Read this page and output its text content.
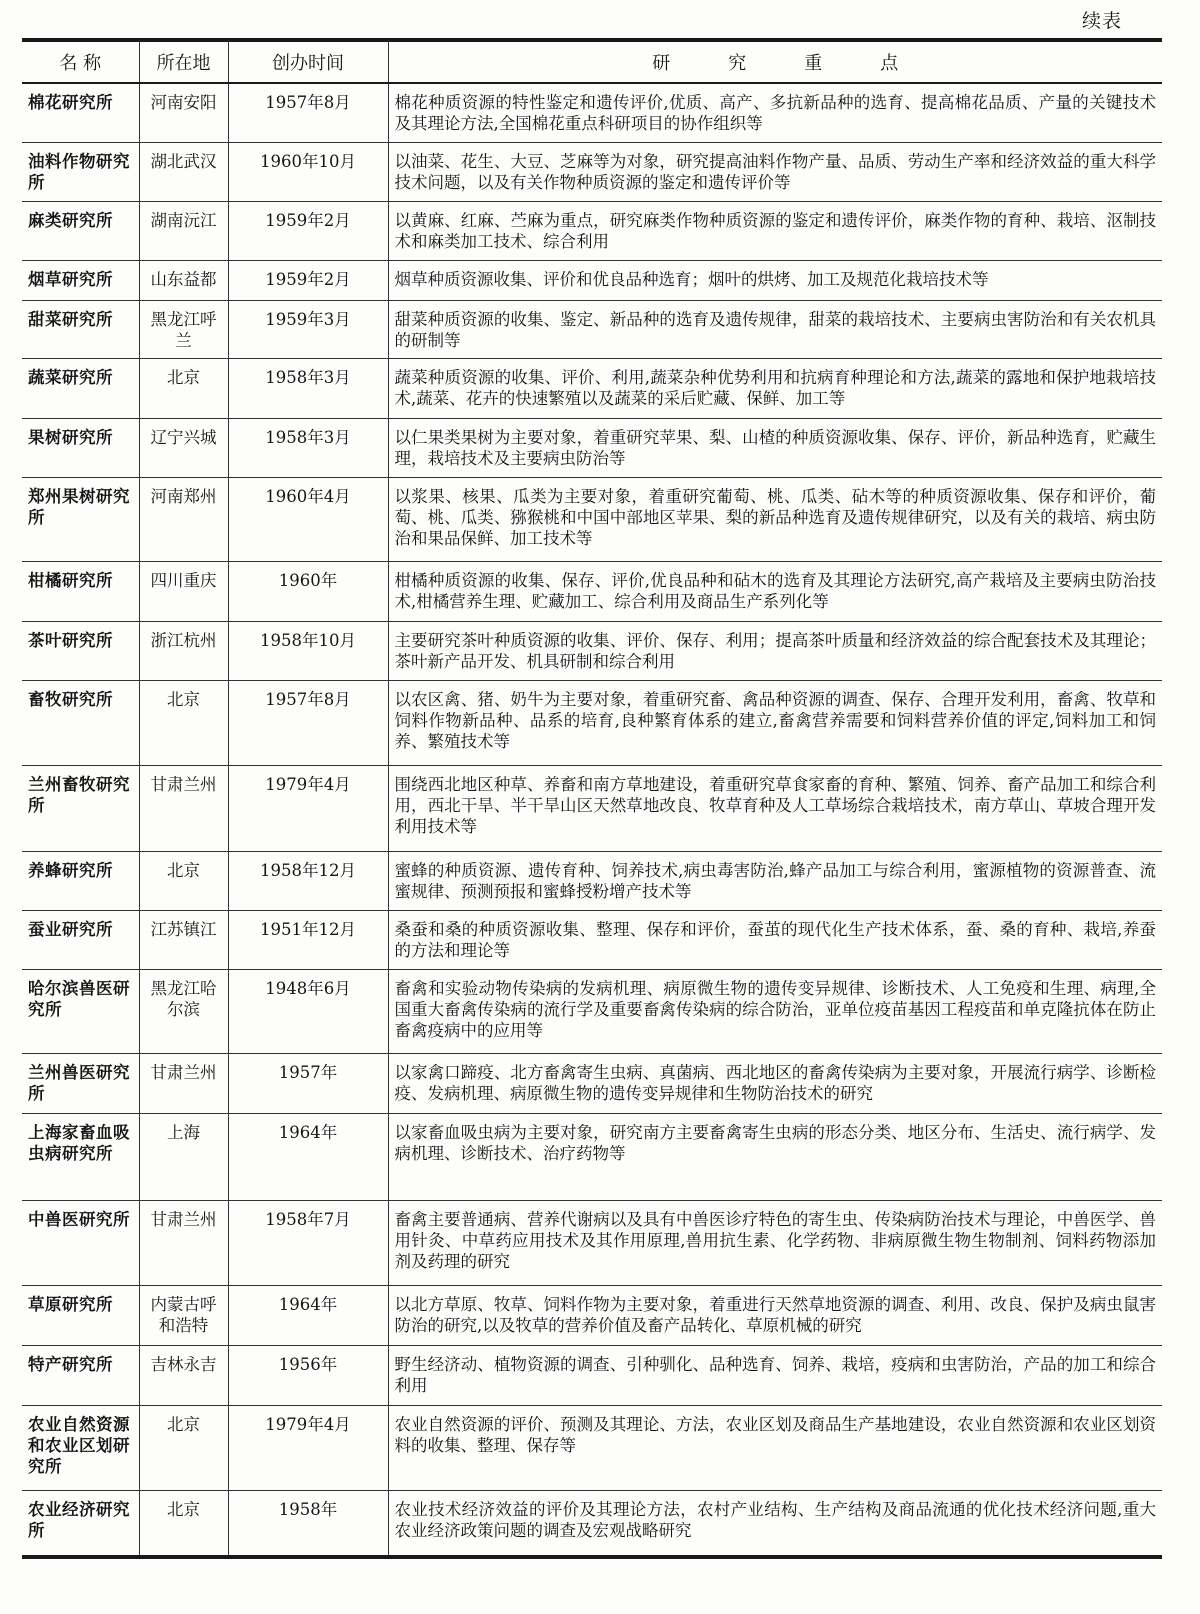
续表
名 称	所在地	创办时间	研究重点
棉花研究所	河南安阳	1957年8月	棉花种质资源的特性鉴定和遗传评价,优质、高产、多抗新品种的选育、提高棉花品质、产量的关键技术及其理论方法,全国棉花重点科研项目的协作组织等
油料作物研究所	湖北武汉	1960年10月	以油菜、花生、大豆、芝麻等为对象，研究提高油料作物产量、品质、劳动生产率和经济效益的重大科学技术问题，以及有关作物种质资源的鉴定和遗传评价等
麻类研究所	湖南沅江	1959年2月	以黄麻、红麻、苎麻为重点，研究麻类作物种质资源的鉴定和遗传评价，麻类作物的育种、栽培、沤制技术和麻类加工技术、综合利用
烟草研究所	山东益都	1959年2月	烟草种质资源收集、评价和优良品种选育；烟叶的烘烤、加工及规范化栽培技术等
甜菜研究所	黑龙江呼兰	1959年3月	甜菜种质资源的收集、鉴定、新品种的选育及遗传规律，甜菜的栽培技术、主要病虫害防治和有关农机具的研制等
蔬菜研究所	北京	1958年3月	蔬菜种质资源的收集、评价、利用,蔬菜杂种优势利用和抗病育种理论和方法,蔬菜的露地和保护地栽培技术,蔬菜、花卉的快速繁殖以及蔬菜的采后贮藏、保鲜、加工等
果树研究所	辽宁兴城	1958年3月	以仁果类果树为主要对象，着重研究苹果、梨、山楂的种质资源收集、保存、评价，新品种选育，贮藏生理，栽培技术及主要病虫防治等
郑州果树研究所	河南郑州	1960年4月	以浆果、核果、瓜类为主要对象，着重研究葡萄、桃、瓜类、砧木等的种质资源收集、保存和评价，葡萄、桃、瓜类、猕猴桃和中国中部地区苹果、梨的新品种选育及遗传规律研究，以及有关的栽培、病虫防治和果品保鲜、加工技术等
柑橘研究所	四川重庆	1960年	柑橘种质资源的收集、保存、评价,优良品种和砧木的选育及其理论方法研究,高产栽培及主要病虫防治技术,柑橘营养生理、贮藏加工、综合利用及商品生产系列化等
茶叶研究所	浙江杭州	1958年10月	主要研究茶叶种质资源的收集、评价、保存、利用；提高茶叶质量和经济效益的综合配套技术及其理论；茶叶新产品开发、机具研制和综合利用
畜牧研究所	北京	1957年8月	以农区禽、猪、奶牛为主要对象，着重研究畜、禽品种资源的调查、保存、合理开发利用，畜禽、牧草和饲料作物新品种、品系的培育,良种繁育体系的建立,畜禽营养需要和饲料营养价值的评定,饲料加工和饲养、繁殖技术等
兰州畜牧研究所	甘肃兰州	1979年4月	围绕西北地区种草、养畜和南方草地建设，着重研究草食家畜的育种、繁殖、饲养、畜产品加工和综合利用，西北干旱、半干旱山区天然草地改良、牧草育种及人工草场综合栽培技术，南方草山、草坡合理开发利用技术等
养蜂研究所	北京	1958年12月	蜜蜂的种质资源、遗传育种、饲养技术,病虫毒害防治,蜂产品加工与综合利用，蜜源植物的资源普查、流蜜规律、预测预报和蜜蜂授粉增产技术等
蚕业研究所	江苏镇江	1951年12月	桑蚕和桑的种质资源收集、整理、保存和评价，蚕茧的现代化生产技术体系，蚕、桑的育种、栽培,养蚕的方法和理论等
哈尔滨兽医研究所	黑龙江哈尔滨	1948年6月	畜禽和实验动物传染病的发病机理、病原微生物的遗传变异规律、诊断技术、人工免疫和生理、病理,全国重大畜禽传染病的流行学及重要畜禽传染病的综合防治，亚单位疫苗基因工程疫苗和单克隆抗体在防止畜禽疫病中的应用等
兰州兽医研究所	甘肃兰州	1957年	以家禽口蹄疫、北方畜禽寄生虫病、真菌病、西北地区的畜禽传染病为主要对象，开展流行病学、诊断检疫、发病机理、病原微生物的遗传变异规律和生物防治技术的研究
上海家畜血吸虫病研究所	上海	1964年	以家畜血吸虫病为主要对象，研究南方主要畜禽寄生虫病的形态分类、地区分布、生活史、流行病学、发病机理、诊断技术、治疗药物等
中兽医研究所	甘肃兰州	1958年7月	畜禽主要普通病、营养代谢病以及具有中兽医诊疗特色的寄生虫、传染病防治技术与理论，中兽医学、兽用针灸、中草药应用技术及其作用原理,兽用抗生素、化学药物、非病原微生物生物制剂、饲料药物添加剂及药理的研究
草原研究所	内蒙古呼和浩特	1964年	以北方草原、牧草、饲料作物为主要对象，着重进行天然草地资源的调查、利用、改良、保护及病虫鼠害防治的研究,以及牧草的营养价值及畜产品转化、草原机械的研究
特产研究所	吉林永吉	1956年	野生经济动、植物资源的调查、引种驯化、品种选育、饲养、栽培，疫病和虫害防治，产品的加工和综合利用
农业自然资源和农业区划研究所	北京	1979年4月	农业自然资源的评价、预测及其理论、方法，农业区划及商品生产基地建设，农业自然资源和农业区划资料的收集、整理、保存等
农业经济研究所	北京	1958年	农业技术经济效益的评价及其理论方法，农村产业结构、生产结构及商品流通的优化技术经济问题,重大农业经济政策问题的调查及宏观战略研究
